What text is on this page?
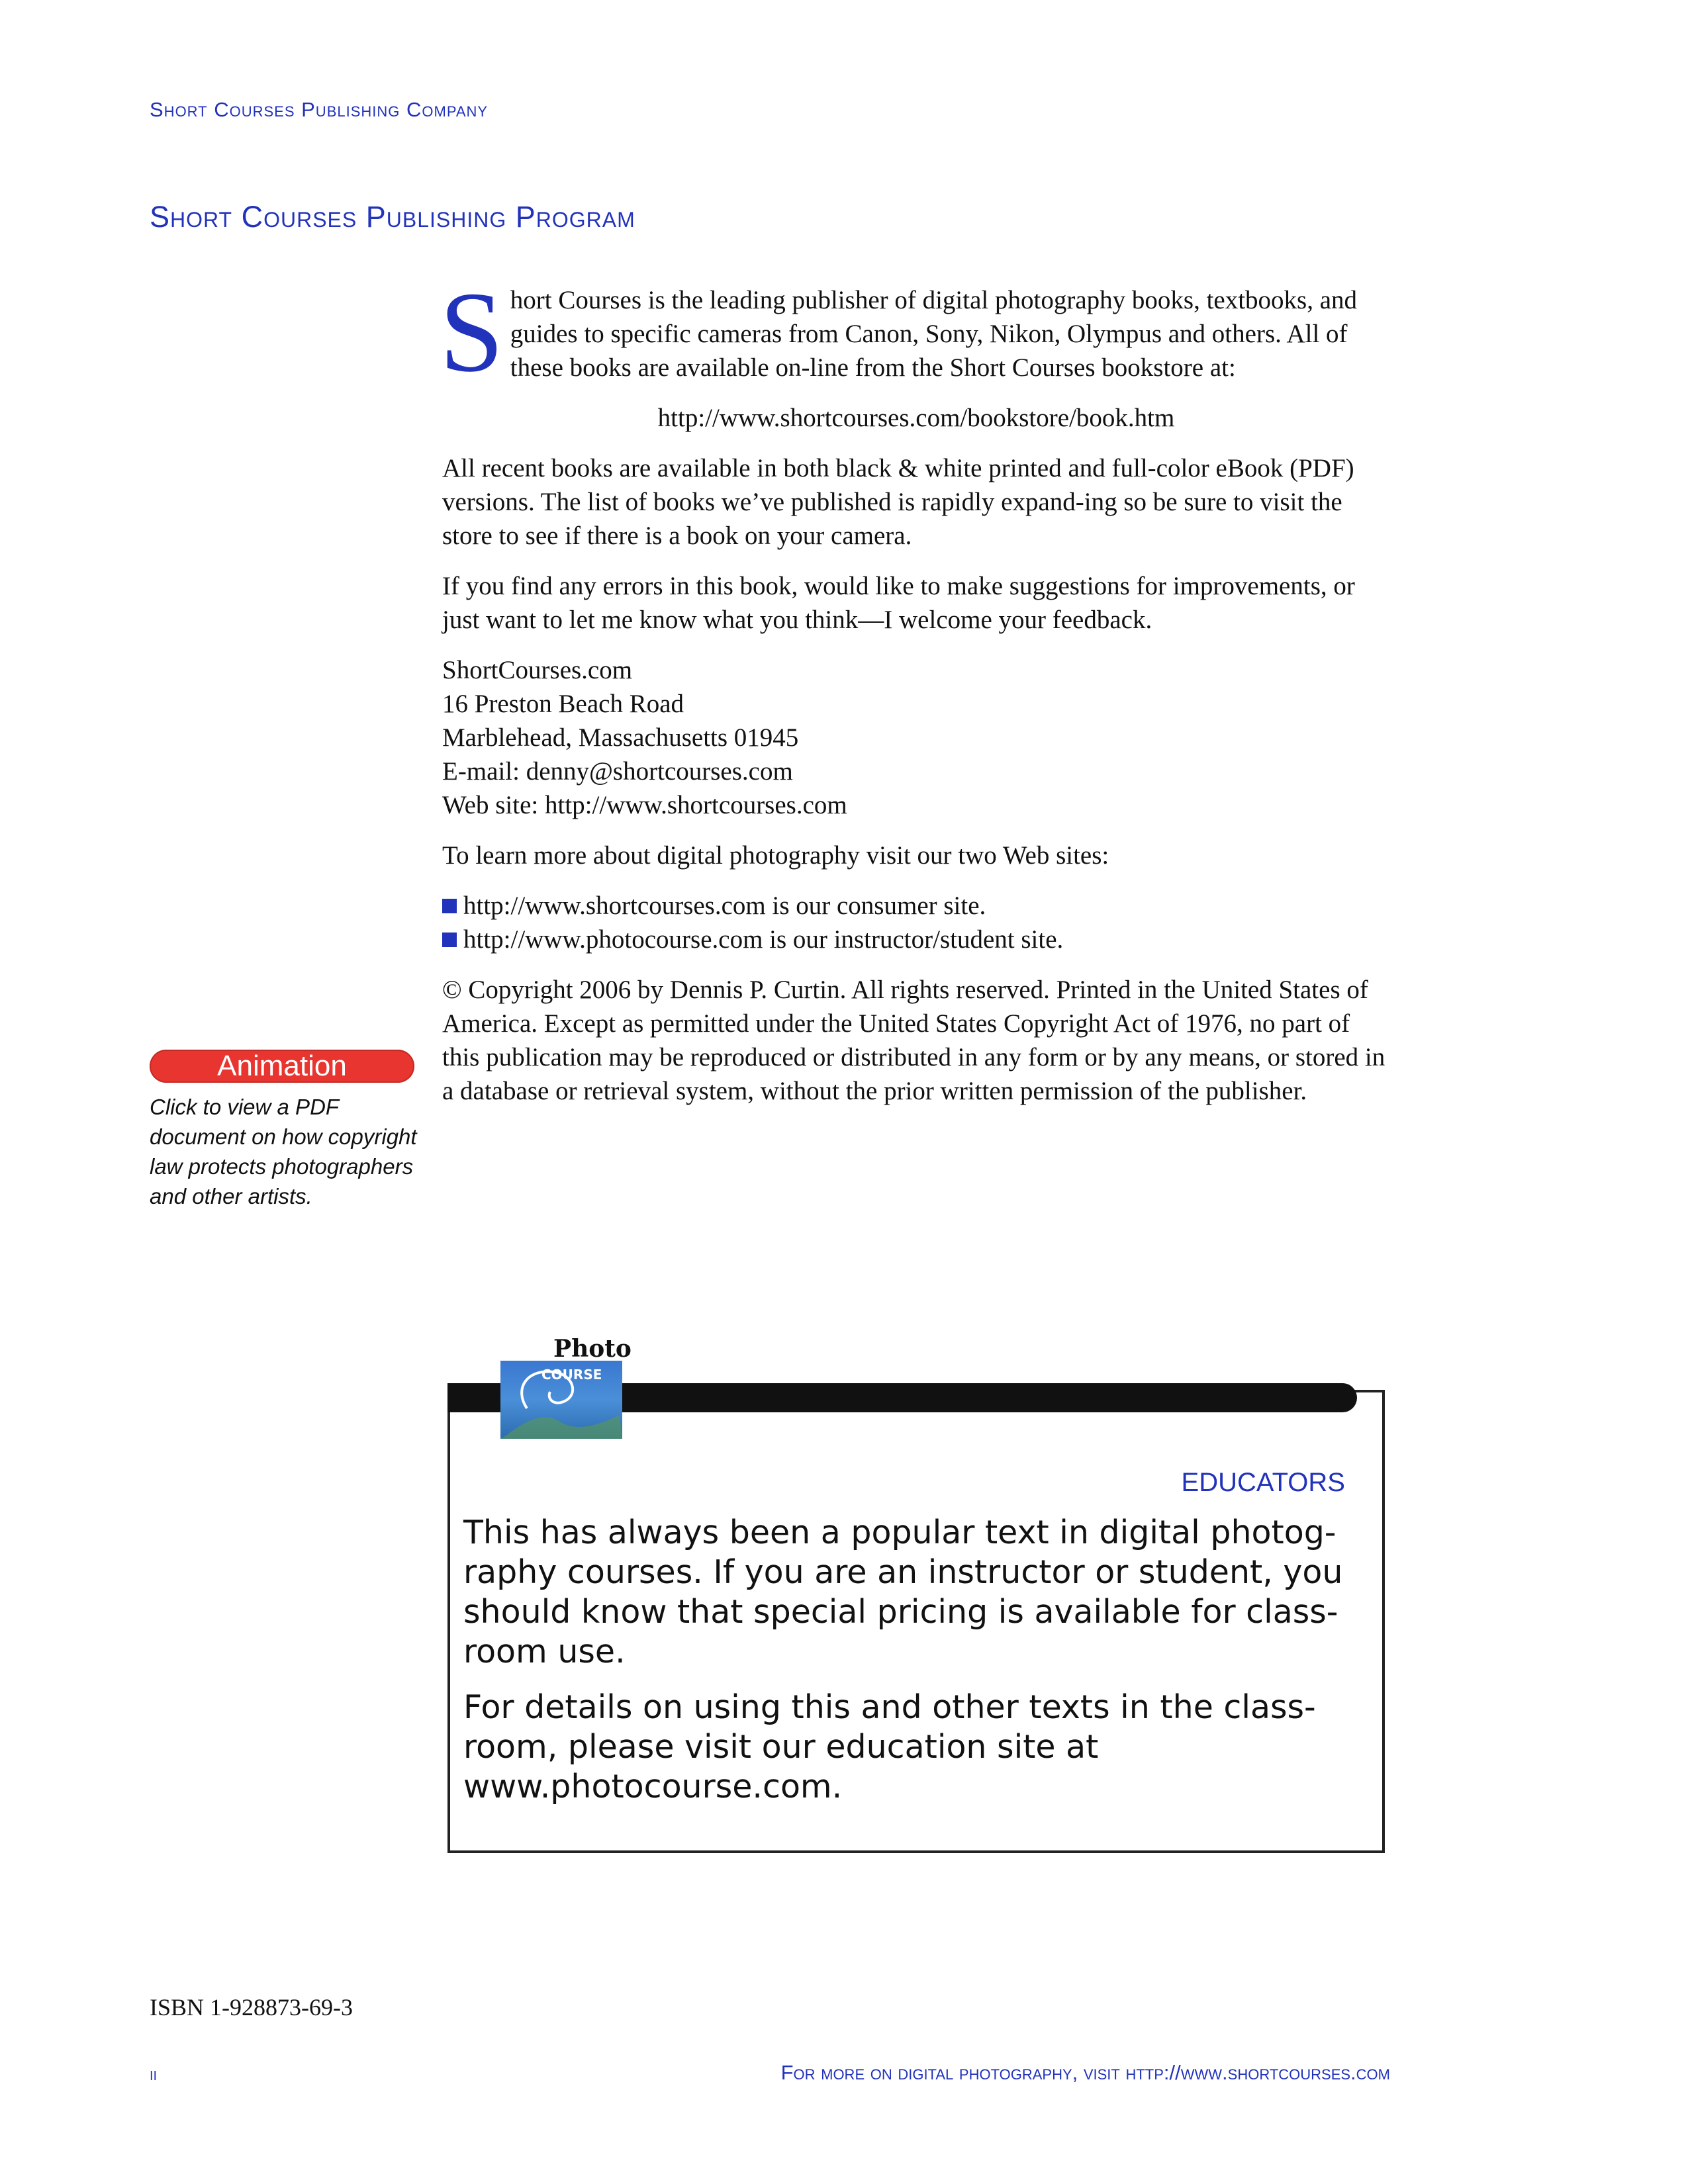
Short Courses Publishing Company
Short Courses Publishing Program

Short Courses is the leading publisher of digital photography books, textbooks, and guides to specific cameras from Canon, Sony, Nikon, Olympus and others. All of these books are available on-line from the Short Courses bookstore at:

http://www.shortcourses.com/bookstore/book.htm

All recent books are available in both black & white printed and full-color eBook (PDF) versions. The list of books we’ve published is rapidly expand-ing so be sure to visit the store to see if there is a book on your camera.

If you find any errors in this book, would like to make suggestions for improvements, or just want to let me know what you think—I welcome your feedback.

ShortCourses.com
16 Preston Beach Road
Marblehead, Massachusetts 01945
E-mail: denny@shortcourses.com
Web site: http://www.shortcourses.com

To learn more about digital photography visit our two Web sites:

http://www.shortcourses.com is our consumer site.
http://www.photocourse.com is our instructor/student site.

© Copyright 2006 by Dennis P. Curtin. All rights reserved. Printed in the United States of America. Except as permitted under the United States Copyright Act of 1976, no part of this publication may be reproduced or distributed in any form or by any means, or stored in a database or retrieval system, without the prior written permission of the publisher.

Animation
Click to view a PDF document on how copyright law protects photographers and other artists.
Photo
COURSE
EDUCATORS

This has always been a popular text in digital photog-raphy courses. If you are an instructor or student, you should know that special pricing is available for class-room use.

For details on using this and other texts in the class-room, please visit our education site at www.photocourse.com.

ISBN 1-928873-69-3
ii	For more on digital photography, visit http://www.shortcourses.com
